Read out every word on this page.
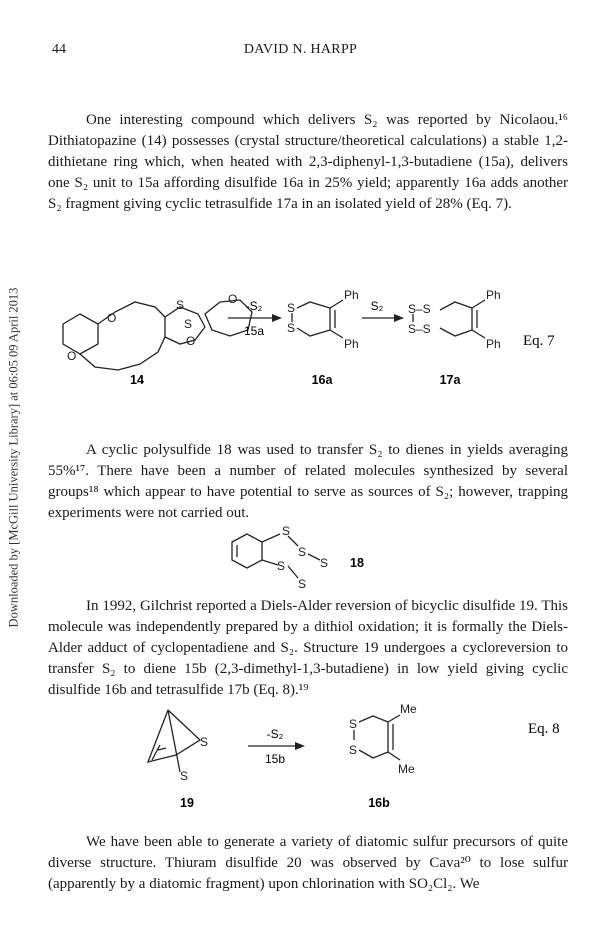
44	DAVID N. HARPP
Downloaded by [McGill University Library] at 06:05 09 April 2013
One interesting compound which delivers S₂ was reported by Nicolaou.¹⁶ Dithiatopazine (14) possesses (crystal structure/theoretical calculations) a stable 1,2-dithietane ring which, when heated with 2,3-diphenyl-1,3-butadiene (15a), delivers one S₂ unit to 15a affording disulfide 16a in 25% yield; apparently 16a adds another S₂ fragment giving cyclic tetrasulfide 17a in an isolated yield of 28% (Eq. 7).
O
O
S
S
O
O
14
-S₂
15a
S
S
Ph
Ph
16a
S₂ S–S
S–S
Ph
Ph
17a
Eq. 7
A cyclic polysulfide 18 was used to transfer S₂ to dienes in yields averaging 55%¹⁷. There have been a number of related molecules synthesized by several groups¹⁸ which appear to have potential to serve as sources of S₂; however, trapping experiments were not carried out.
S
S
S
S
S
18
In 1992, Gilchrist reported a Diels-Alder reversion of bicyclic disulfide 19. This molecule was independently prepared by a dithiol oxidation; it is formally the Diels-Alder adduct of cyclopentadiene and S₂. Structure 19 undergoes a cycloreversion to transfer S₂ to diene 15b (2,3-dimethyl-1,3-butadiene) in low yield giving cyclic disulfide 16b and tetrasulfide 17b (Eq. 8).¹⁹
S
S
19
-S₂
15b
S
S
Me
Me
16b
Eq. 8
We have been able to generate a variety of diatomic sulfur precursors of quite diverse structure. Thiuram disulfide 20 was observed by Cava²⁰ to lose sulfur (apparently by a diatomic fragment) upon chlorination with SO₂Cl₂. We
